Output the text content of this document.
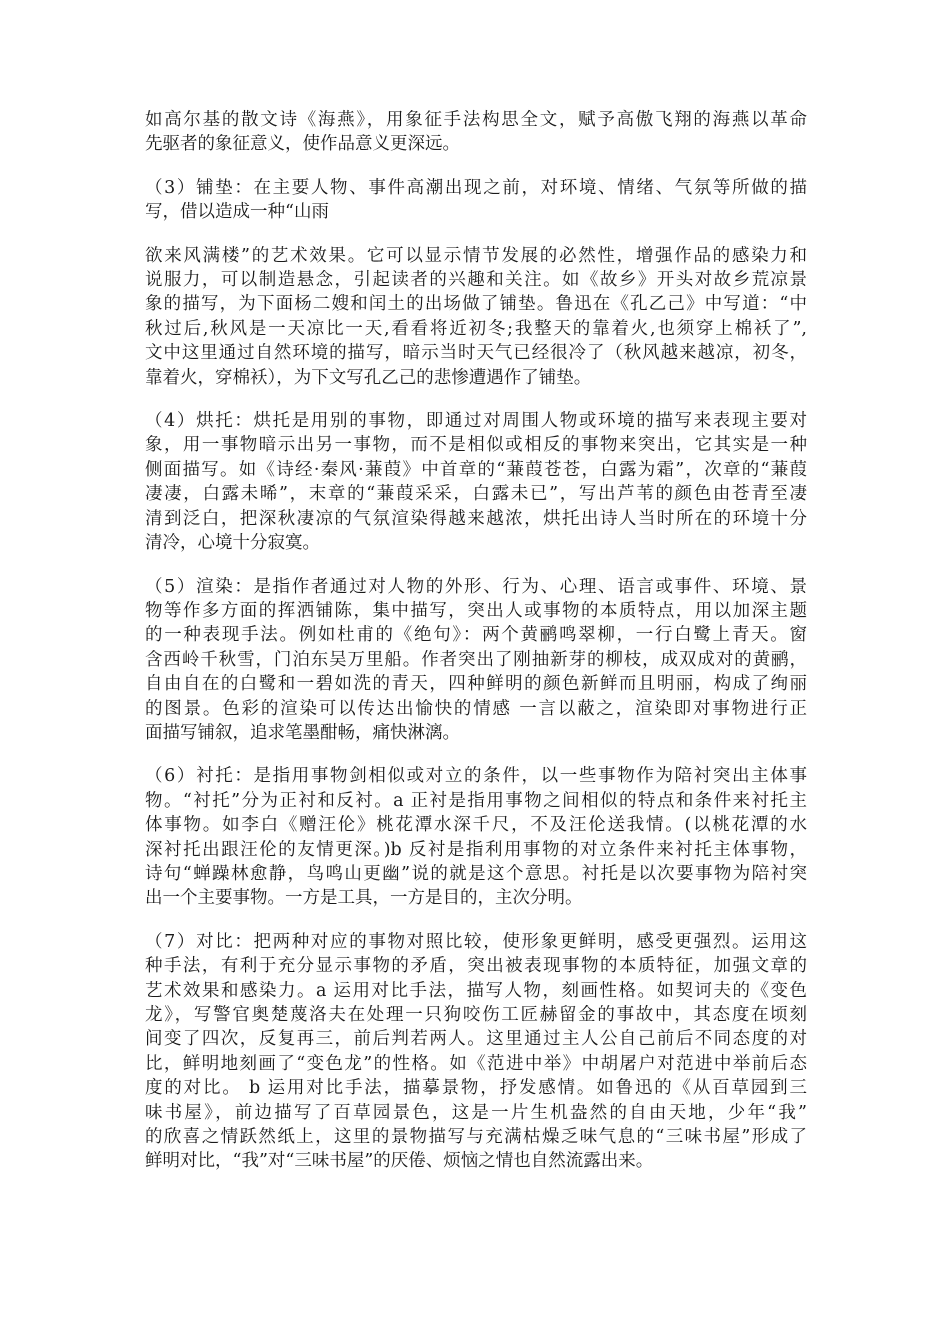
如高尔基的散文诗《海燕》，用象征手法构思全文，赋予高傲飞翔的海燕以革命
先驱者的象征意义，使作品意义更深远。

（3）铺垫：在主要人物、事件高潮出现之前，对环境、情绪、气氛等所做的描
写，借以造成一种“山雨

欲来风满楼”的艺术效果。它可以显示情节发展的必然性，增强作品的感染力和
说服力，可以制造悬念，引起读者的兴趣和关注。如《故乡》开头对故乡荒凉景
象的描写，为下面杨二嫂和闰土的出场做了铺垫。鲁迅在《孔乙己》中写道：“中
秋过后,秋风是一天凉比一天,看看将近初冬;我整天的靠着火,也须穿上棉袄了”,
文中这里通过自然环境的描写，暗示当时天气已经很冷了（秋风越来越凉，初冬，
靠着火，穿棉袄），为下文写孔乙己的悲惨遭遇作了铺垫。

（4）烘托：烘托是用别的事物，即通过对周围人物或环境的描写来表现主要对
象，用一事物暗示出另一事物，而不是相似或相反的事物来突出，它其实是一种
侧面描写。如《诗经·秦风·蒹葭》中首章的“蒹葭苍苍，白露为霜”，次章的“蒹葭
凄凄，白露未晞”，末章的“蒹葭采采，白露未已”，写出芦苇的颜色由苍青至凄
清到泛白，把深秋凄凉的气氛渲染得越来越浓，烘托出诗人当时所在的环境十分
清冷，心境十分寂寞。

（5）渲染：是指作者通过对人物的外形、行为、心理、语言或事件、环境、景
物等作多方面的挥洒铺陈，集中描写，突出人或事物的本质特点，用以加深主题
的一种表现手法。例如杜甫的《绝句》：两个黄鹂鸣翠柳，一行白鹭上青天。窗
含西岭千秋雪，门泊东吴万里船。作者突出了刚抽新芽的柳枝，成双成对的黄鹂，
自由自在的白鹭和一碧如洗的青天，四种鲜明的颜色新鲜而且明丽，构成了绚丽
的图景。色彩的渲染可以传达出愉快的情感 一言以蔽之，渲染即对事物进行正
面描写铺叙，追求笔墨酣畅，痛快淋漓。

（6）衬托：是指用事物剑相似或对立的条件，以一些事物作为陪衬突出主体事
物。“衬托”分为正衬和反衬。a 正衬是指用事物之间相似的特点和条件来衬托主
体事物。如李白《赠汪伦》桃花潭水深千尺，不及汪伦送我情。(以桃花潭的水
深衬托出跟汪伦的友情更深。)b 反衬是指利用事物的对立条件来衬托主体事物，
诗句“蝉躁林愈静，鸟鸣山更幽”说的就是这个意思。衬托是以次要事物为陪衬突
出一个主要事物。一方是工具，一方是目的，主次分明。

（7）对比：把两种对应的事物对照比较，使形象更鲜明，感受更强烈。运用这
种手法，有利于充分显示事物的矛盾，突出被表现事物的本质特征，加强文章的
艺术效果和感染力。a 运用对比手法，描写人物，刻画性格。如契诃夫的《变色
龙》，写警官奥楚蔑洛夫在处理一只狗咬伤工匠赫留金的事故中，其态度在顷刻
间变了四次，反复再三，前后判若两人。这里通过主人公自己前后不同态度的对
比，鲜明地刻画了“变色龙”的性格。如《范进中举》中胡屠户对范进中举前后态
度的对比。 b 运用对比手法，描摹景物，抒发感情。如鲁迅的《从百草园到三
味书屋》，前边描写了百草园景色，这是一片生机盎然的自由天地，少年“我”
的欣喜之情跃然纸上，这里的景物描写与充满枯燥乏味气息的“三味书屋”形成了
鲜明对比，“我”对“三味书屋”的厌倦、烦恼之情也自然流露出来。
